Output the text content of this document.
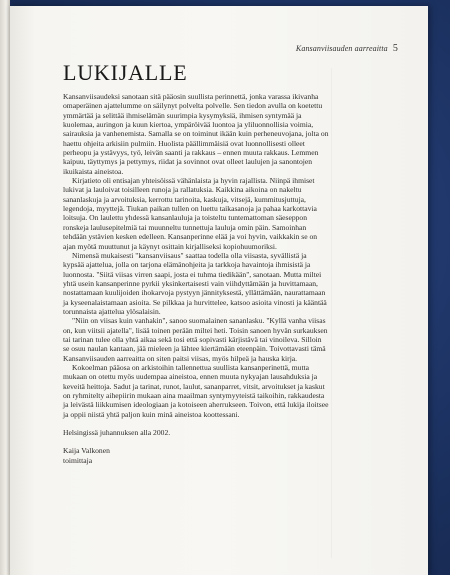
Kansanviisauden aarreaitta 5
LUKIJALLE

Kansanviisaudeksi sanotaan sitä pääosin suullista perinnettä, jonka varassa ikivanha omaperäinen ajattelumme on säilynyt polvelta polvelle. Sen tiedon avulla on koetettu ymmärtää ja selittää ihmiselämän suurimpia kysymyksiä, ihmisen syntymää ja kuolemaa, auringon ja kuun kiertoa, ympäröivää luontoa ja yliluonnollisia voimia, sairauksia ja vanhenemista. Samalla se on toiminut ikään kuin perheneuvojana, jolta on haettu ohjeita arkisiin pulmiin. Huolista päällimmäisiä ovat luonnollisesti olleet perheopu ja ystävyys, työ, leivän saanti ja rakkaus – ennen muuta rakkaus. Lemmen kaipuu, täyttymys ja pettymys, riidat ja sovinnot ovat olleet laulujen ja sanontojen ikuikaista aineistoa.

Kirjatieto oli entisajan yhteisöissä vähänlaista ja hyvin rajallista. Niinpä ihmiset lukivat ja lauloivat toisilleen runoja ja rallatuksia. Kaikkina aikoina on nakeltu sananlaskuja ja arvoituksia, kerrottu tarinoita, kaskuja, vitsejä, kummitusjuttuja, legendoja, myyttejä. Tiukan paikan tullen on luettu taikasanoja ja pahaa karkottavia loitsuja. On laulettu yhdessä kansanlauluja ja toisteltu tuntemattoman säeseppon ronskeja laulusepitelmiä tai muunneltu tunnettuja lauluja omin päin. Samoinhan tehdään ystävien kesken edelleen. Kansanperinne elää ja voi hyvin, vaikkakin se on ajan myötä muuttunut ja käynyt osittain kirjalliseksi kopiohuumoriksi.

Nimensä mukaisesti "kansanviisaus" saattaa todella olla viisasta, syvällistä ja kypsää ajattelua, jolla on tarjona elämänohjeita ja tarkkoja havaintoja ihmisistä ja luonnosta. "Siitä viisas virren saapi, josta ei tuhma tiedikään", sanotaan. Mutta miltei yhtä usein kansanperinne pyrkii yksinkertaisesti vain viihdyttämään ja huvittamaan, nostattamaan kuulijoiden ihokarvoja pystyyn jännityksestä, yllättämään, naurattamaan ja kyseenalaistamaan asioita. Se pilkkaa ja hurvittelee, katsoo asioita vinosti ja kääntää torunnaista ajattelua ylösalaisin.

"Niin on viisas kuin vanhakin", sanoo suomalainen sananlasku. "Kyllä vanha viisas on, kun viitsii ajatella", lisää toinen perään miltei heti. Toisin sanoen hyvän surkauksen tai tarinan tulee olla yhtä aikaa sekä tosi että sopivasti kärjistävä tai vinoileva. Silloin se osuu naulan kantaan, jää mieleen ja lähtee kiertämään eteenpäin. Toivottavasti tämä Kansanviisauden aarreaitta on siten paitsi viisas, myös hilpeä ja hauska kirja.

Kokoelman pääosa on arkistoihin tallennettua suullista kansanperinettä, mutta mukaan on otettu myös uudempaa aineistoa, ennen muuta nykyajan lausahduksia ja keveitä heittoja. Sadut ja tarinat, runot, laulut, sananparret, vitsit, arvoitukset ja kaskut on ryhmitelty aihepiirin mukaan aina maailman syntymyyteistä taikoihin, rakkaudesta ja leivästä liikkumisen ideologiaan ja kotoiseen aherrukseen. Toivon, että lukija iloitsee ja oppii niistä yhtä paljon kuin minä aineistoa koottessani.

Helsingissä juhannuksen alla 2002.

Kaija Valkonen
toimittaja
